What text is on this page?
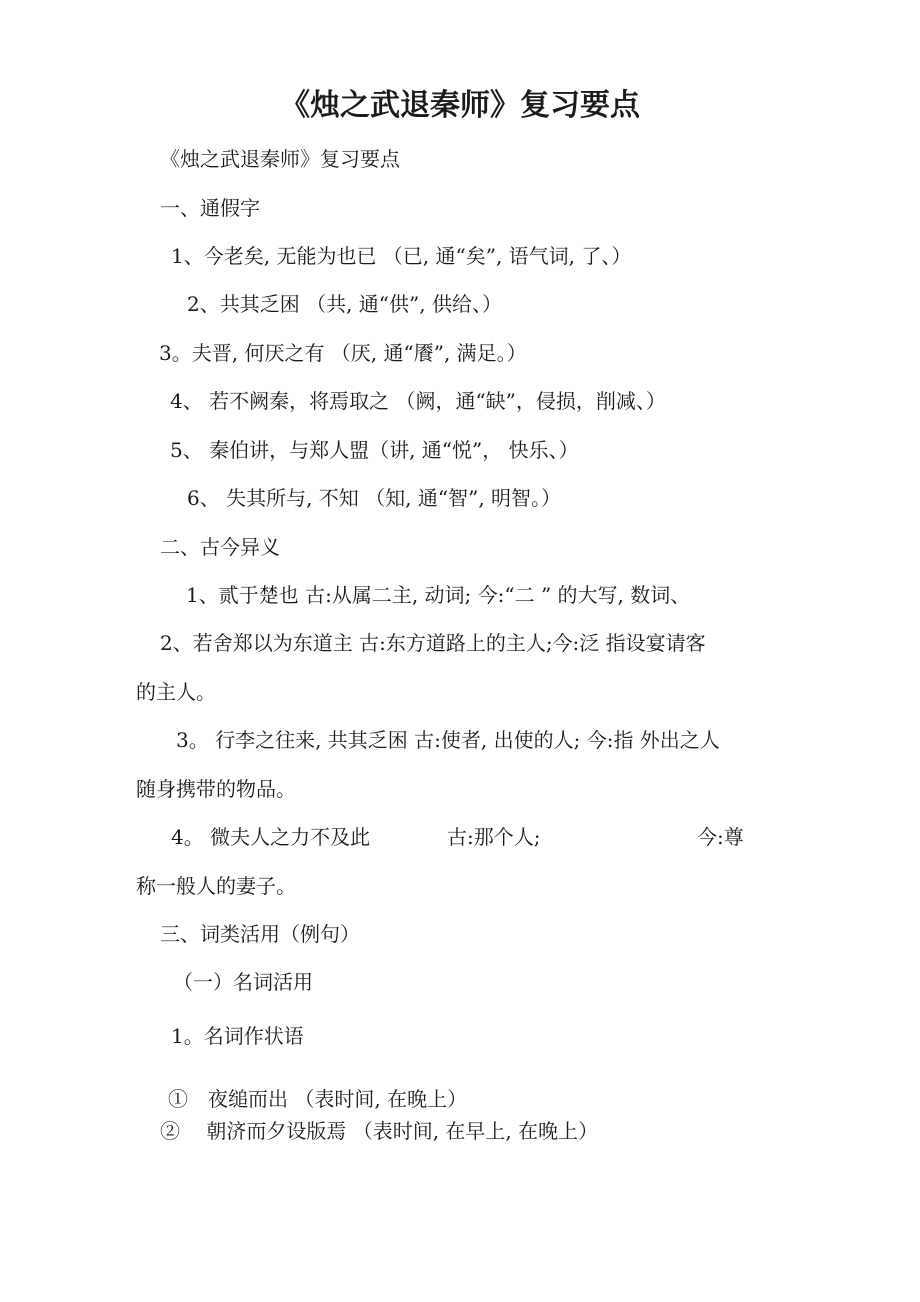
《烛之武退秦师》复习要点
《烛之武退秦师》复习要点
一、通假字
1、今老矣, 无能为也已 （已, 通“矣”, 语气词, 了、）
2、共其乏困 （共, 通“供”, 供给、）
3。夫晋, 何厌之有 （厌, 通“餍”, 满足。）
4、 若不阙秦，将焉取之 （阙，通“缺”，侵损，削减、）
5、 秦伯讲，与郑人盟（讲, 通“悦”， 快乐、）
6、 失其所与, 不知 （知, 通“智”, 明智。）
二、古今异义
1、贰于楚也 古:从属二主, 动词; 今:“二 ” 的大写, 数词、
2、若舍郑以为东道主 古:东方道路上的主人;今:泛 指设宴请客
的主人。
3。 行李之往来, 共其乏困 古:使者, 出使的人; 今:指 外出之人
随身携带的物品。
4。 微夫人之力不及此	古:那个人;	今:尊
称一般人的妻子。
三、词类活用（例句）
（一）名词活用
1。名词作状语
①　夜缒而出 （表时间, 在晚上）
②　 朝济而夕设版焉 （表时间, 在早上, 在晚上）
